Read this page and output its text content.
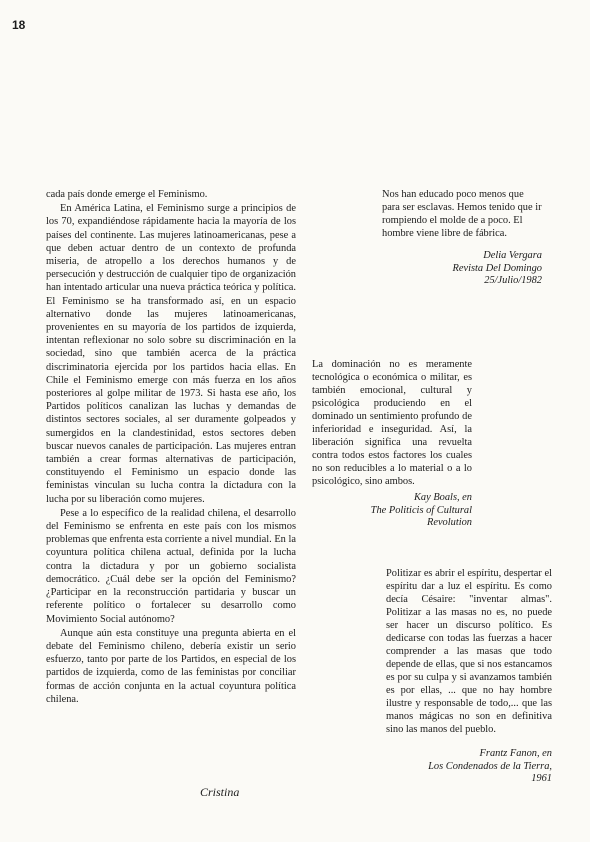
18

cada país donde emerge el Feminismo.

En América Latina, el Feminismo surge a principios de los 70, expandiéndose rápidamente hacia la mayoría de los países del continente. Las mujeres latinoamericanas, pese a que deben actuar dentro de un contexto de profunda miseria, de atropello a los derechos humanos y de persecución y destrucción de cualquier tipo de organización han intentado articular una nueva práctica teórica y política. El Feminismo se ha transformado así, en un espacio alternativo donde las mujeres latinoamericanas, provenientes en su mayoría de los partidos de izquierda, intentan reflexionar no solo sobre su discriminación en la sociedad, sino que también acerca de la práctica discriminatoria ejercida por los partidos hacia ellas. En Chile el Feminismo emerge con más fuerza en los años posteriores al golpe militar de 1973. Si hasta ese año, los Partidos políticos canalizan las luchas y demandas de distintos sectores sociales, al ser duramente golpeados y sumergidos en la clandestinidad, estos sectores deben buscar nuevos canales de participación. Las mujeres entran también a crear formas alternativas de participación, constituyendo el Feminismo un espacio donde las feministas vinculan su lucha contra la dictadura con la lucha por su liberación como mujeres.

Pese a lo específico de la realidad chilena, el desarrollo del Feminismo se enfrenta en este país con los mismos problemas que enfrenta esta corriente a nivel mundial. En la coyuntura política chilena actual, definida por la lucha contra la dictadura y por un gobierno socialista democrático. ¿Cuál debe ser la opción del Feminismo? ¿Participar en la reconstrucción partidaria y buscar un referente político o fortalecer su desarrollo como Movimiento Social autónomo?

Aunque aún esta constituye una pregunta abierta en el debate del Feminismo chileno, debería existir un serio esfuerzo, tanto por parte de los Partidos, en especial de los partidos de izquierda, como de las feministas por conciliar formas de acción conjunta en la actual coyuntura política chilena.

Cristina

Nos han educado poco menos que para ser esclavas. Hemos tenido que ir rompiendo el molde de a poco. El hombre viene libre de fábrica.

Delia Vergara
Revista Del Domingo
25/Julio/1982

La dominación no es meramente tecnológica o económica o militar, es también emocional, cultural y psicológica produciendo en el dominado un sentimiento profundo de inferioridad e inseguridad. Así, la liberación significa una revuelta contra todos estos factores los cuales no son reducibles a lo material o a lo psicológico, sino ambos.

Kay Boals, en
The Politicis of Cultural
Revolution

Politizar es abrir el espíritu, despertar el espíritu dar a luz el espíritu. Es como decía Césaire: "inventar almas". Politizar a las masas no es, no puede ser hacer un discurso político. Es dedicarse con todas las fuerzas a hacer comprender a las masas que todo depende de ellas, que si nos estancamos es por su culpa y si avanzamos también es por ellas, ... que no hay hombre ilustre y responsable de todo,... que las manos mágicas no son en definitiva sino las manos del pueblo.

Frantz Fanon, en
Los Condenados de la Tierra,
1961
